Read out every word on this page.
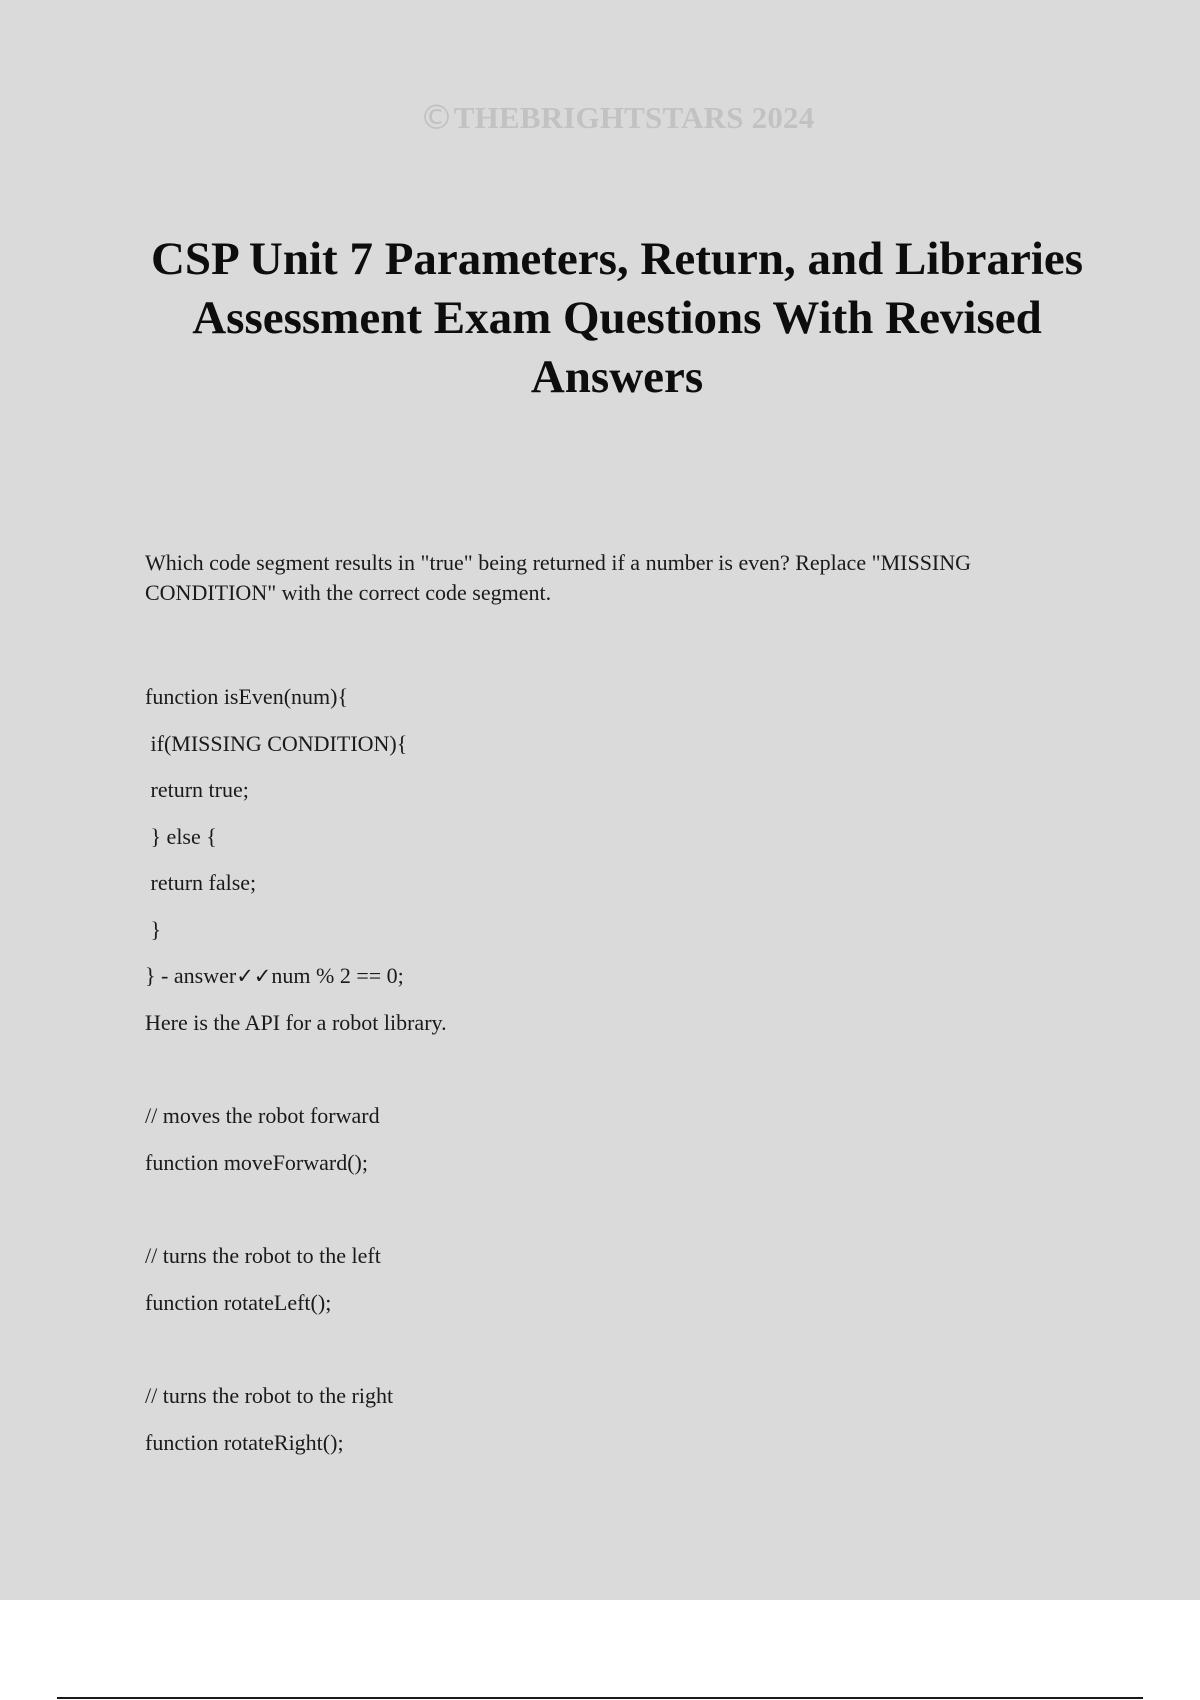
©THEBRIGHTSTARS 2024
CSP Unit 7 Parameters, Return, and Libraries Assessment Exam Questions With Revised Answers

Which code segment results in "true" being returned if a number is even? Replace "MISSING CONDITION" with the correct code segment.

function isEven(num){
if(MISSING CONDITION){
return true;
} else {
return false;
}
} - answer✓✓num % 2 == 0;
Here is the API for a robot library.
// moves the robot forward
function moveForward();
// turns the robot to the left
function rotateLeft();
// turns the robot to the right
function rotateRight();
